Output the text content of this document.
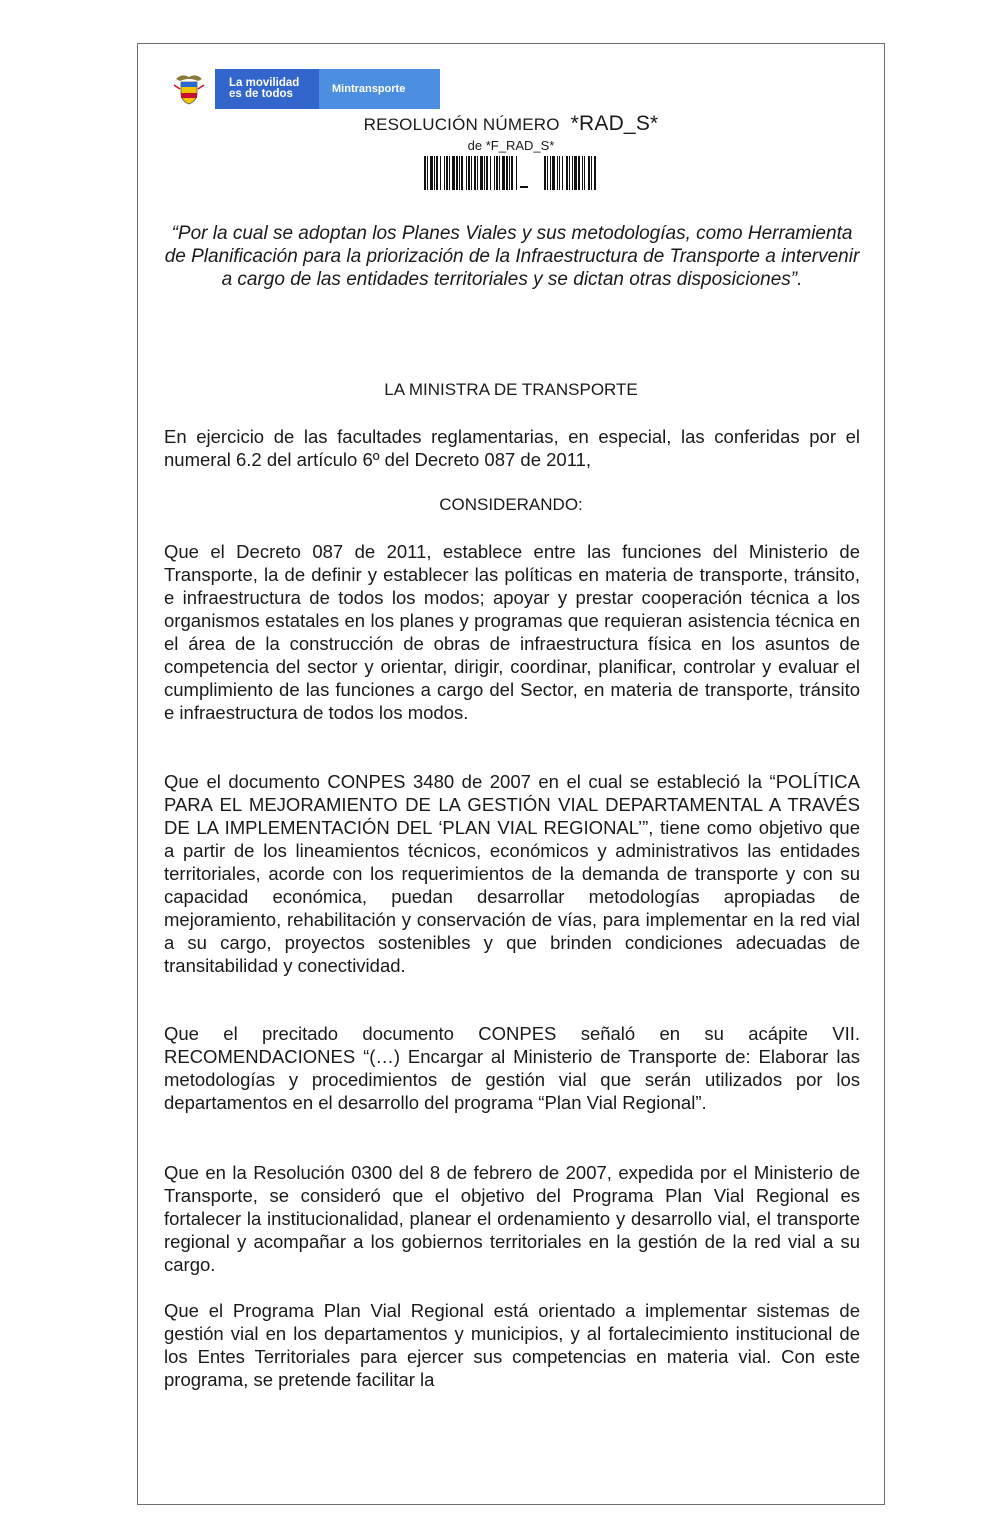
La movilidad
es de todos	Mintransporte
RESOLUCIÓN NÚMERO *RAD_S*
de *F_RAD_S*
“Por la cual se adoptan los Planes Viales y sus metodologías, como Herramienta de Planificación para la priorización de la Infraestructura de Transporte a intervenir a cargo de las entidades territoriales y se dictan otras disposiciones”.
LA MINISTRA DE TRANSPORTE
En ejercicio de las facultades reglamentarias, en especial, las conferidas por el numeral 6.2 del artículo 6º del Decreto 087 de 2011,
CONSIDERANDO:
Que el Decreto 087 de 2011, establece entre las funciones del Ministerio de Transporte, la de definir y establecer las políticas en materia de transporte, tránsito, e infraestructura de todos los modos; apoyar y prestar cooperación técnica a los organismos estatales en los planes y programas que requieran asistencia técnica en el área de la construcción de obras de infraestructura física en los asuntos de competencia del sector y orientar, dirigir, coordinar, planificar, controlar y evaluar el cumplimiento de las funciones a cargo del Sector, en materia de transporte, tránsito e infraestructura de todos los modos.
Que el documento CONPES 3480 de 2007 en el cual se estableció la “POLÍTICA PARA EL MEJORAMIENTO DE LA GESTIÓN VIAL DEPARTAMENTAL A TRAVÉS DE LA IMPLEMENTACIÓN DEL ‘PLAN VIAL REGIONAL’”, tiene como objetivo que a partir de los lineamientos técnicos, económicos y administrativos las entidades territoriales, acorde con los requerimientos de la demanda de transporte y con su capacidad económica, puedan desarrollar metodologías apropiadas de mejoramiento, rehabilitación y conservación de vías, para implementar en la red vial a su cargo, proyectos sostenibles y que brinden condiciones adecuadas de transitabilidad y conectividad.
Que el precitado documento CONPES señaló en su acápite VII. RECOMENDACIONES “(…) Encargar al Ministerio de Transporte de: Elaborar las metodologías y procedimientos de gestión vial que serán utilizados por los departamentos en el desarrollo del programa “Plan Vial Regional”.
Que en la Resolución 0300 del 8 de febrero de 2007, expedida por el Ministerio de Transporte, se consideró que el objetivo del Programa Plan Vial Regional es fortalecer la institucionalidad, planear el ordenamiento y desarrollo vial, el transporte regional y acompañar a los gobiernos territoriales en la gestión de la red vial a su cargo.
Que el Programa Plan Vial Regional está orientado a implementar sistemas de gestión vial en los departamentos y municipios, y al fortalecimiento institucional de los Entes Territoriales para ejercer sus competencias en materia vial. Con este programa, se pretende facilitar la
